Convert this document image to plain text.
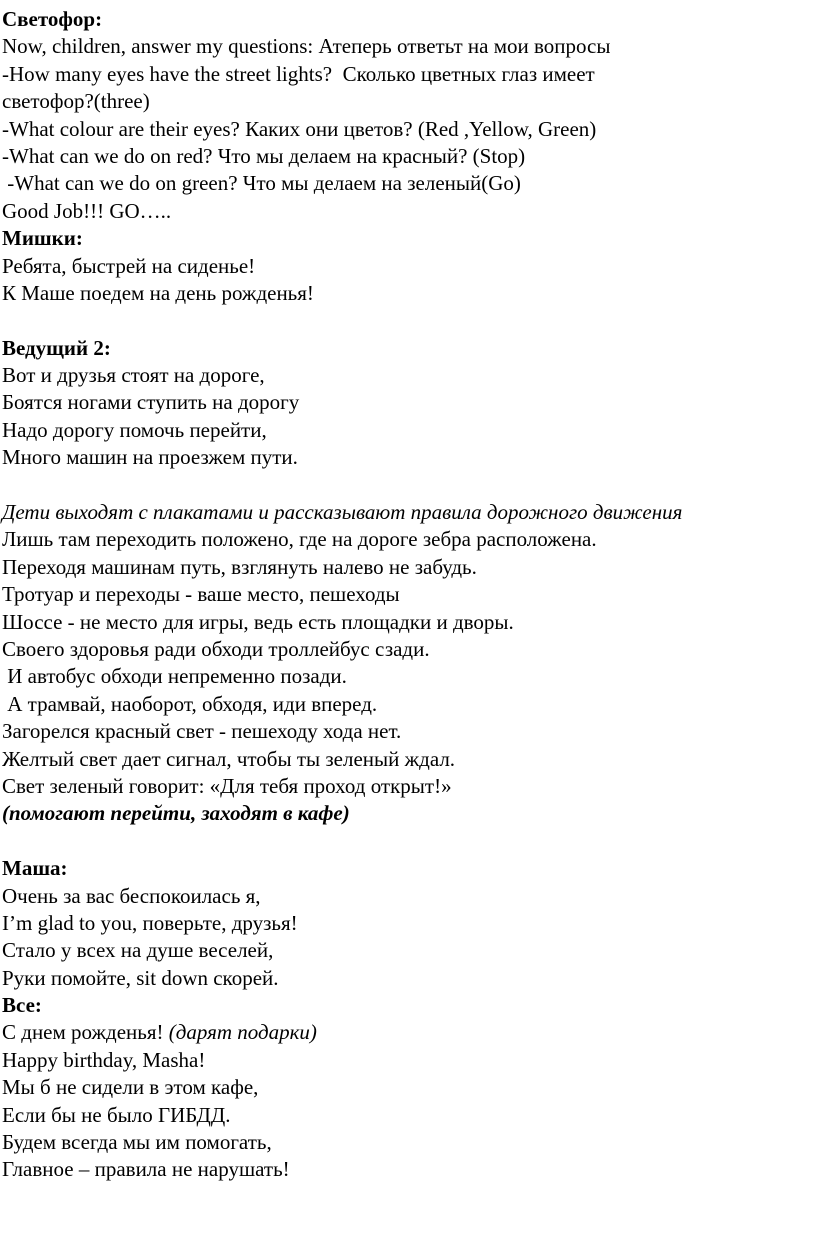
Светофор:
Now, children, answer my questions: Атеперь ответьт на мои вопросы
-How many eyes have the street lights?  Сколько цветных глаз имеет
светофор?(three)
-What colour are their eyes? Каких они цветов? (Red ,Yellow, Green)
-What can we do on red? Что мы делаем на красный? (Stop)
-What can we do on green? Что мы делаем на зеленый(Go)
Good Job!!! GO…..
Мишки:
Ребята, быстрей на сиденье!
К Маше поедем на день рожденья!
Ведущий 2:
Вот и друзья стоят на дороге,
Боятся ногами ступить на дорогу
Надо дорогу помочь перейти,
Много машин на проезжем пути.
Дети выходят с плакатами и рассказывают правила дорожного движения
Лишь там переходить положено, где на дороге зебра расположена.
Переходя машинам путь, взглянуть налево не забудь.
Тротуар и переходы - ваше место, пешеходы
Шоссе - не место для игры, ведь есть площадки и дворы.
Своего здоровья ради обходи троллейбус сзади.
И автобус обходи непременно позади.
А трамвай, наоборот, обходя, иди вперед.
Загорелся красный свет - пешеходу хода нет.
Желтый свет дает сигнал, чтобы ты зеленый ждал.
Свет зеленый говорит: «Для тебя проход открыт!»
(помогают перейти, заходят в кафе)
Маша:
Очень за вас беспокоилась я,
I’m glad to you, поверьте, друзья!
Стало у всех на душе веселей,
Руки помойте, sit down скорей.
Все:
С днем рожденья! (дарят подарки)
Happy birthday, Masha!
Мы б не сидели в этом кафе,
Если бы не было ГИБДД.
Будем всегда мы им помогать,
Главное – правила не нарушать!
